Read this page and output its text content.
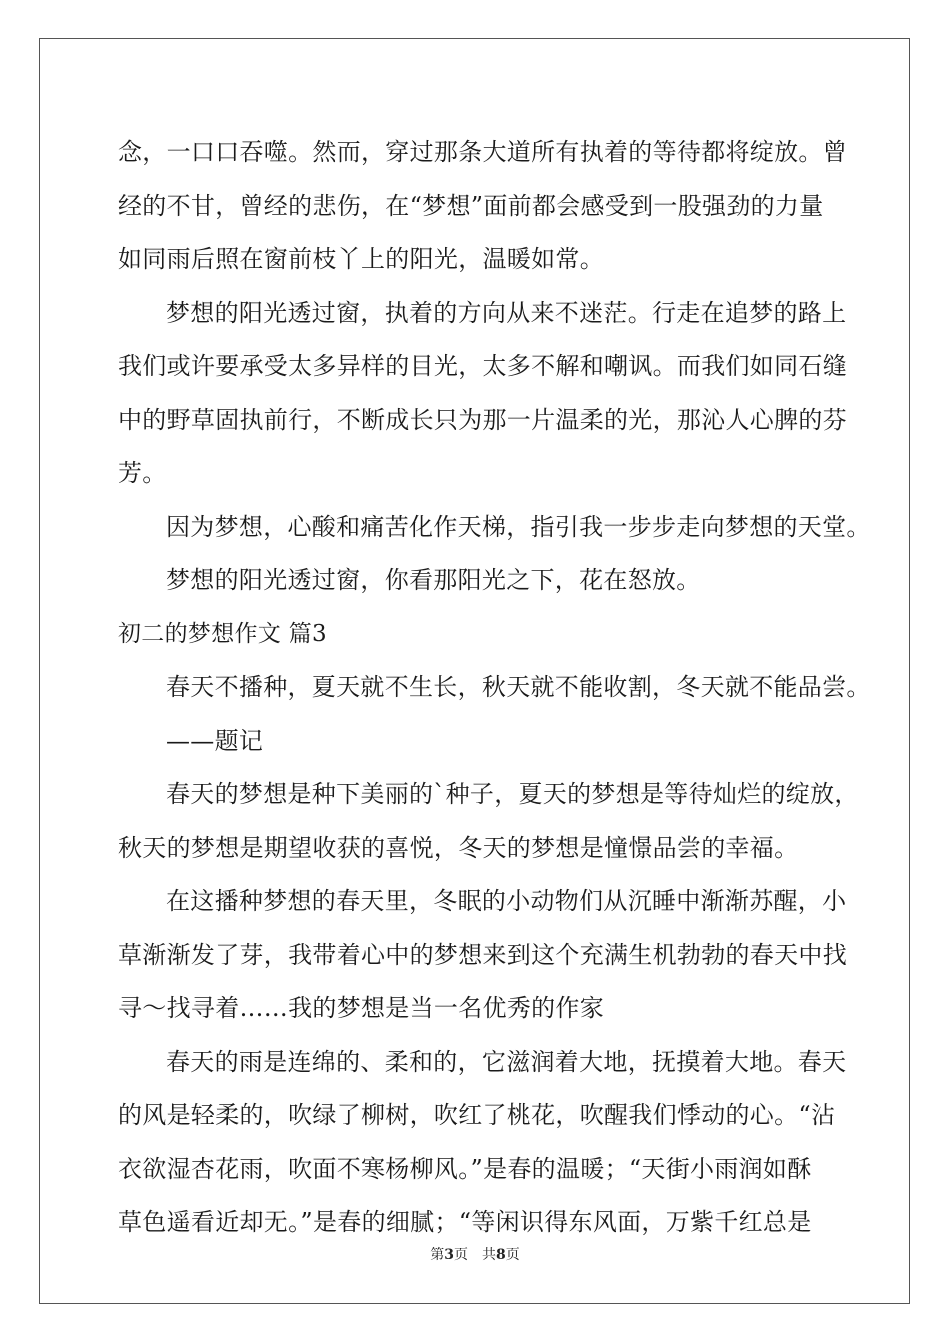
念，一口口吞噬。然而，穿过那条大道所有执着的等待都将绽放。曾
经的不甘，曾经的悲伤，在“梦想”面前都会感受到一股强劲的力量
如同雨后照在窗前枝丫上的阳光，温暖如常。
梦想的阳光透过窗，执着的方向从来不迷茫。行走在追梦的路上
我们或许要承受太多异样的目光，太多不解和嘲讽。而我们如同石缝
中的野草固执前行，不断成长只为那一片温柔的光，那沁人心脾的芬
芳。
因为梦想，心酸和痛苦化作天梯，指引我一步步走向梦想的天堂。
梦想的阳光透过窗，你看那阳光之下，花在怒放。
初二的梦想作文 篇3
春天不播种，夏天就不生长，秋天就不能收割，冬天就不能品尝。
——题记
春天的梦想是种下美丽的`种子，夏天的梦想是等待灿烂的绽放，
秋天的梦想是期望收获的喜悦，冬天的梦想是憧憬品尝的幸福。
在这播种梦想的春天里，冬眠的小动物们从沉睡中渐渐苏醒，小
草渐渐发了芽，我带着心中的梦想来到这个充满生机勃勃的春天中找
寻～找寻着……我的梦想是当一名优秀的作家
春天的雨是连绵的、柔和的，它滋润着大地，抚摸着大地。春天
的风是轻柔的，吹绿了柳树，吹红了桃花，吹醒我们悸动的心。“沾
衣欲湿杏花雨，吹面不寒杨柳风。”是春的温暖；“天街小雨润如酥
草色遥看近却无。”是春的细腻；“等闲识得东风面，万紫千红总是
第3页　共8页
